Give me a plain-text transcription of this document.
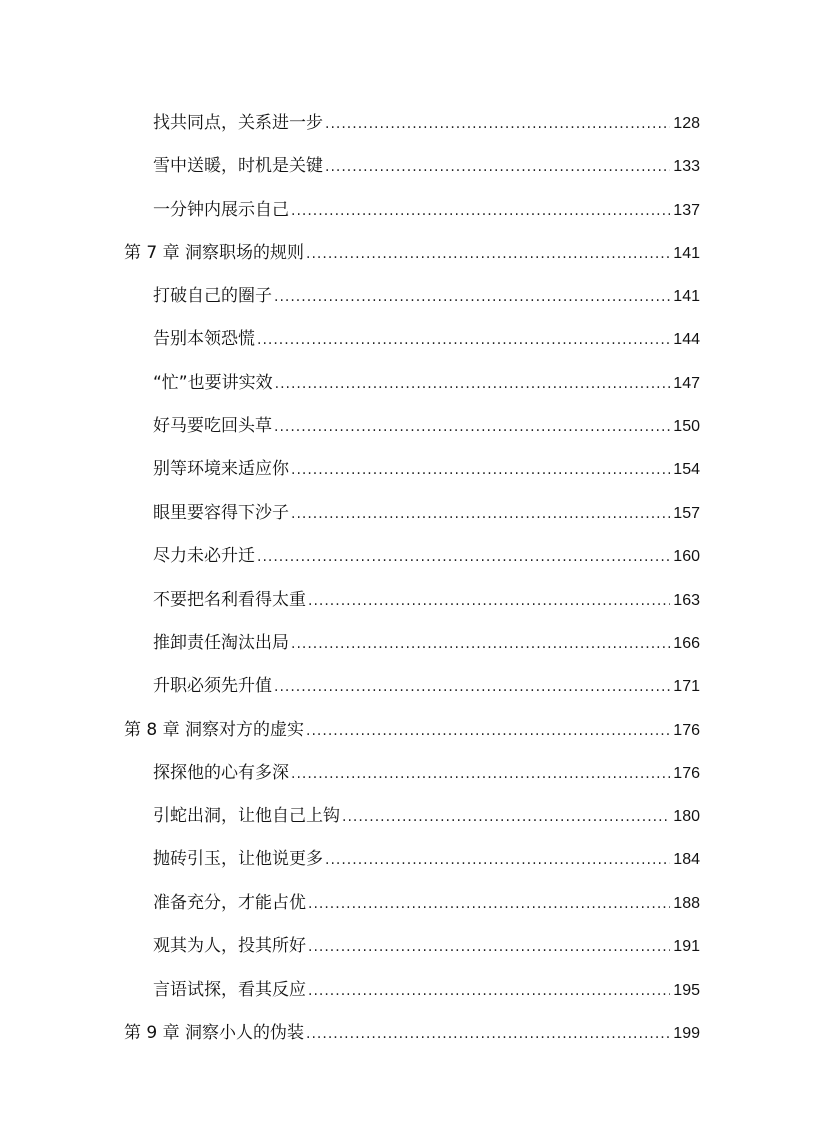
找共同点，关系进一步 .....	128
雪中送暖，时机是关键 .....	133
一分钟内展示自己 .....	137
第 7 章 洞察职场的规则 .....	141
打破自己的圈子 .....	141
告别本领恐慌 .....	144
“忙”也要讲实效 .....	147
好马要吃回头草 .....	150
别等环境来适应你 .....	154
眼里要容得下沙子 .....	157
尽力未必升迁 .....	160
不要把名利看得太重 .....	163
推卸责任淘汰出局 .....	166
升职必须先升值 .....	171
第 8 章 洞察对方的虚实 .....	176
探探他的心有多深 .....	176
引蛇出洞，让他自己上钩 .....	180
抛砖引玉，让他说更多 .....	184
准备充分，才能占优 .....	188
观其为人，投其所好 .....	191
言语试探，看其反应 .....	195
第 9 章 洞察小人的伪装 .....	199
